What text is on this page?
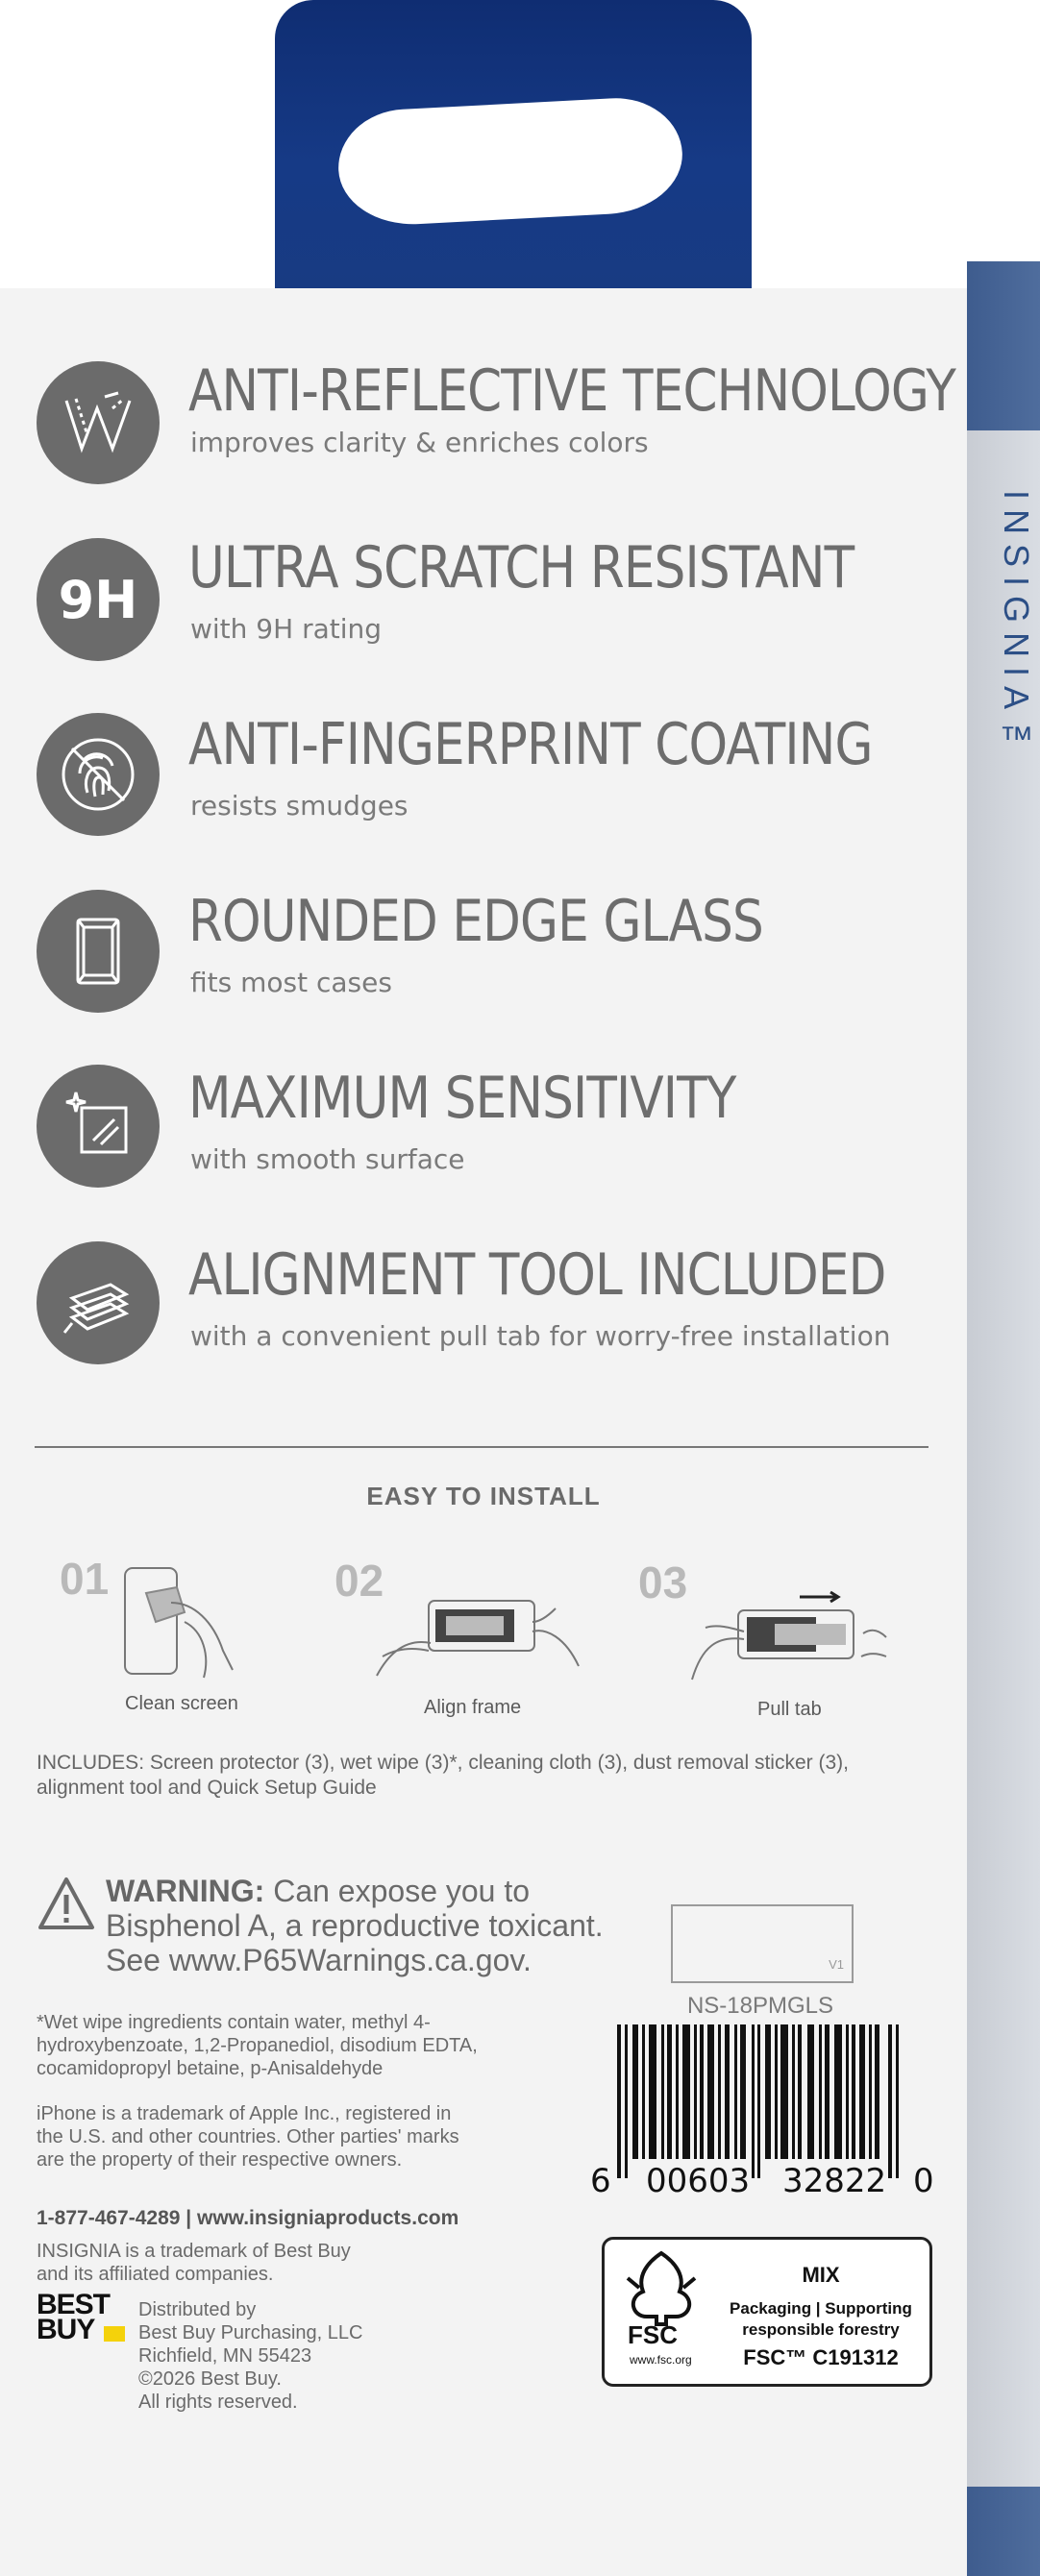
INSIGNIA™
ANTI-REFLECTIVE TECHNOLOGY
improves clarity & enriches colors
9H ULTRA SCRATCH RESISTANT
with 9H rating
ANTI-FINGERPRINT COATING
resists smudges
ROUNDED EDGE GLASS
fits most cases
MAXIMUM SENSITIVITY
with smooth surface
ALIGNMENT TOOL INCLUDED
with a convenient pull tab for worry-free installation
EASY TO INSTALL
01
Clean screen
02
Align frame
03
Pull tab
INCLUDES: Screen protector (3), wet wipe (3)*, cleaning cloth (3), dust removal sticker (3), alignment tool and Quick Setup Guide
WARNING: Can expose you to Bisphenol A, a reproductive toxicant. See www.P65Warnings.ca.gov.
*Wet wipe ingredients contain water, methyl 4-hydroxybenzoate, 1,2-Propanediol, disodium EDTA, cocamidopropyl betaine, p-Anisaldehyde
iPhone is a trademark of Apple Inc., registered in the U.S. and other countries. Other parties' marks are the property of their respective owners.
1-877-467-4289 | www.insigniaproducts.com
INSIGNIA is a trademark of Best Buy and its affiliated companies.
BEST
BUY
Distributed by
Best Buy Purchasing, LLC
Richfield, MN 55423
©2026 Best Buy.
All rights reserved.
V1
NS-18PMGLS
6 00603 32822 0
FSC
www.fsc.org
MIX
Packaging | Supporting
responsible forestry
FSC™ C191312
